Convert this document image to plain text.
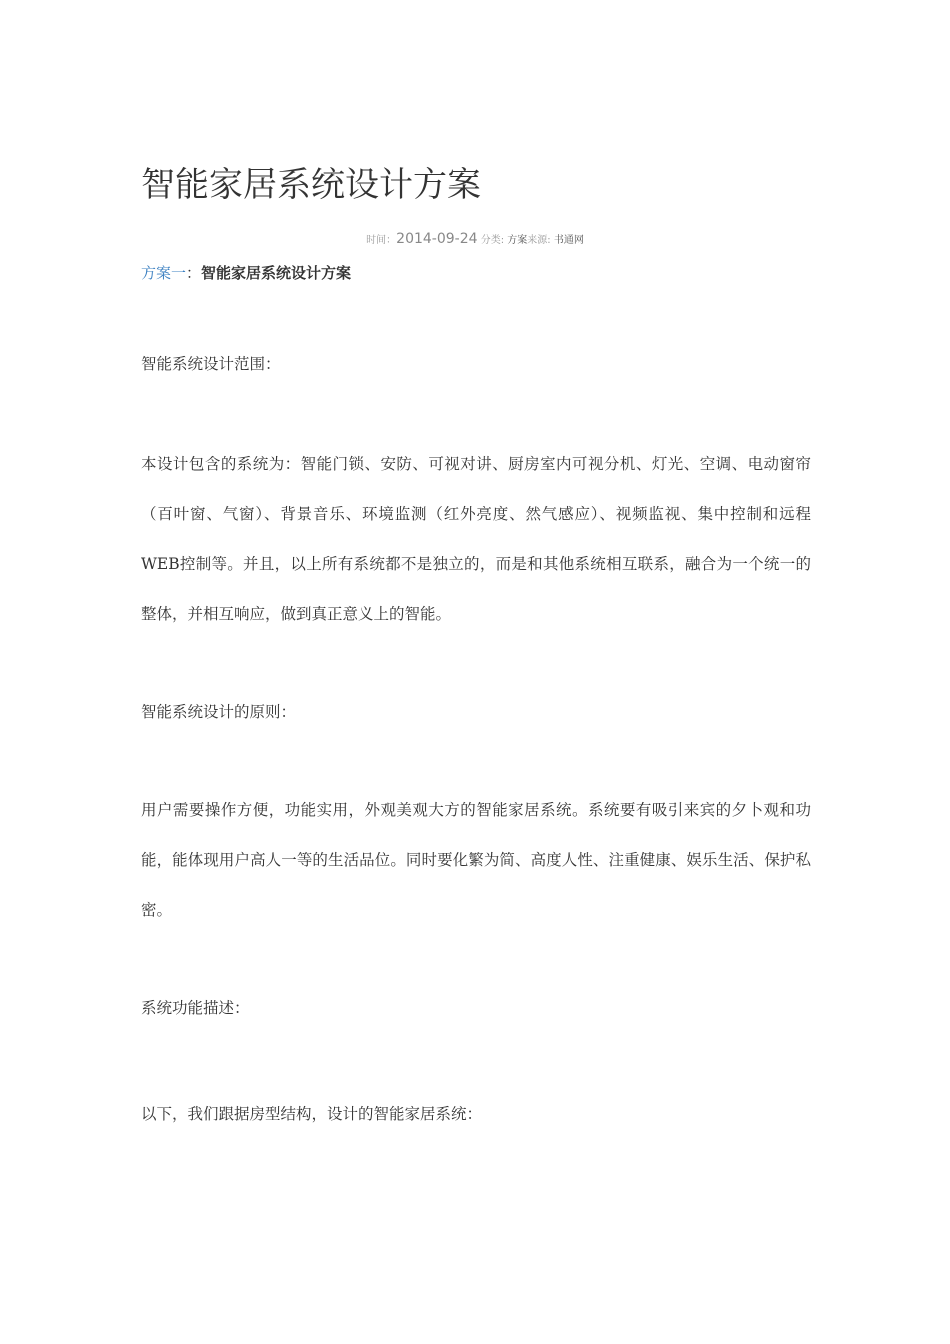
智能家居系统设计方案
时间：2014-09-24 分类: 方案来源: 书通网
方案一：智能家居系统设计方案

智能系统设计范围：

本设计包含的系统为：智能门锁、安防、可视对讲、厨房室内可视分机、灯光、空调、电动窗帘（百叶窗、气窗）、背景音乐、环境监测（红外亮度、然气感应）、视频监视、集中控制和远程WEB控制等。并且，以上所有系统都不是独立的，而是和其他系统相互联系，融合为一个统一的整体，并相互响应，做到真正意义上的智能。

智能系统设计的原则：

用户需要操作方便，功能实用，外观美观大方的智能家居系统。系统要有吸引来宾的夕卜观和功能，能体现用户高人一等的生活品位。同时要化繁为简、高度人性、注重健康、娱乐生活、保护私密。

系统功能描述：

以下，我们跟据房型结构，设计的智能家居系统：
